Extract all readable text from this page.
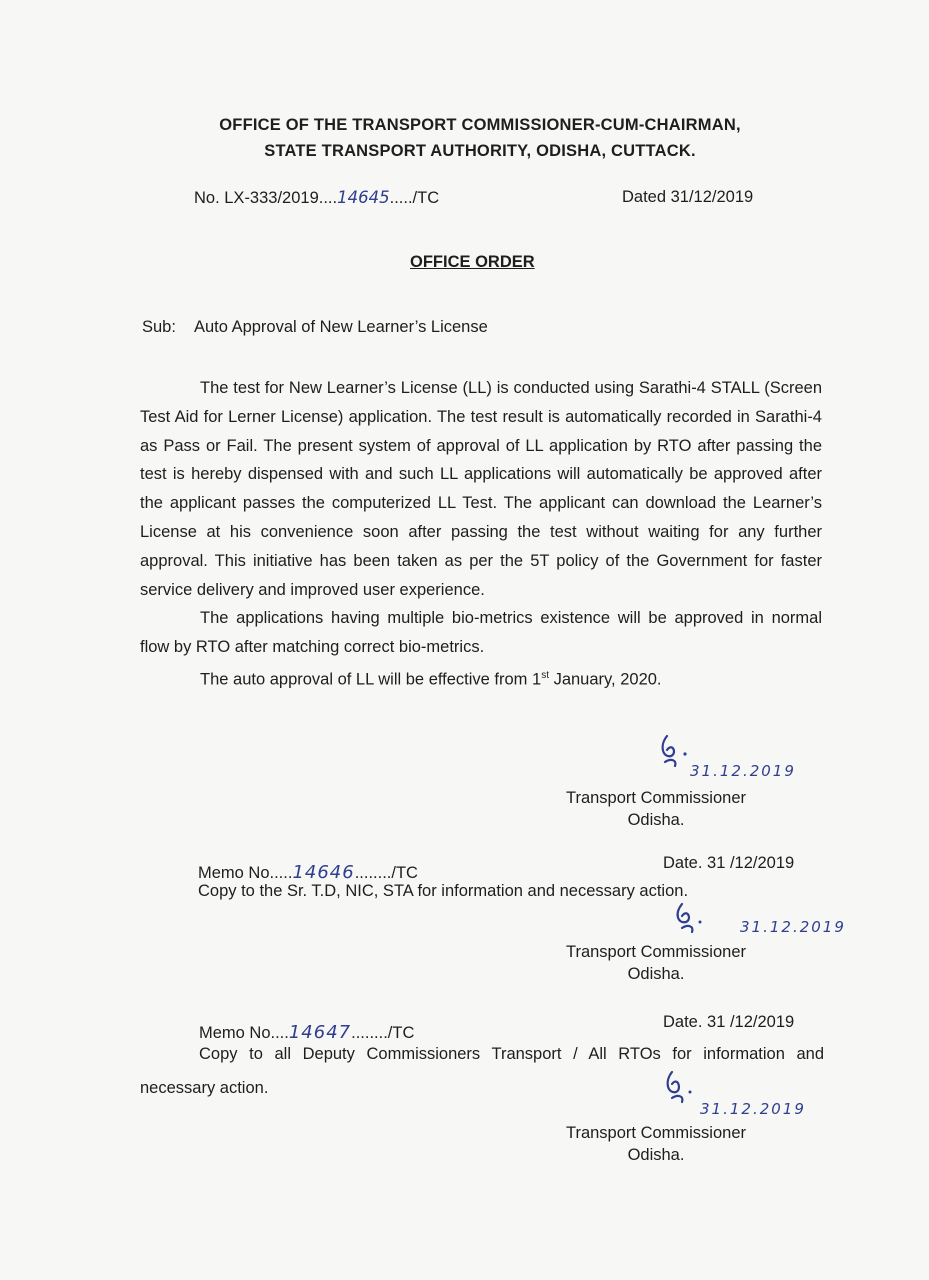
OFFICE OF THE TRANSPORT COMMISSIONER-CUM-CHAIRMAN,
STATE TRANSPORT AUTHORITY, ODISHA, CUTTACK.
No. LX-333/2019....14645...../TC	Dated 31/12/2019
OFFICE ORDER
Sub: Auto Approval of New Learner’s License

The test for New Learner’s License (LL) is conducted using Sarathi-4 STALL (Screen Test Aid for Lerner License) application. The test result is automatically recorded in Sarathi-4 as Pass or Fail. The present system of approval of LL application by RTO after passing the test is hereby dispensed with and such LL applications will automatically be approved after the applicant passes the computerized LL Test. The applicant can download the Learner’s License at his convenience soon after passing the test without waiting for any further approval. This initiative has been taken as per the 5T policy of the Government for faster service delivery and improved user experience.

The applications having multiple bio-metrics existence will be approved in normal flow by RTO after matching correct bio-metrics.

The auto approval of LL will be effective from 1st January, 2020.

31.12.2019
Transport Commissioner
Odisha.
Memo No.....14646......../TC
Date. 31 /12/2019
Copy to the Sr. T.D, NIC, STA for information and necessary action.
31.12.2019
Transport Commissioner
Odisha.
Memo No....14647......../TC
Date. 31 /12/2019

Copy to all Deputy Commissioners Transport / All RTOs for information and necessary action.

31.12.2019
Transport Commissioner
Odisha.
